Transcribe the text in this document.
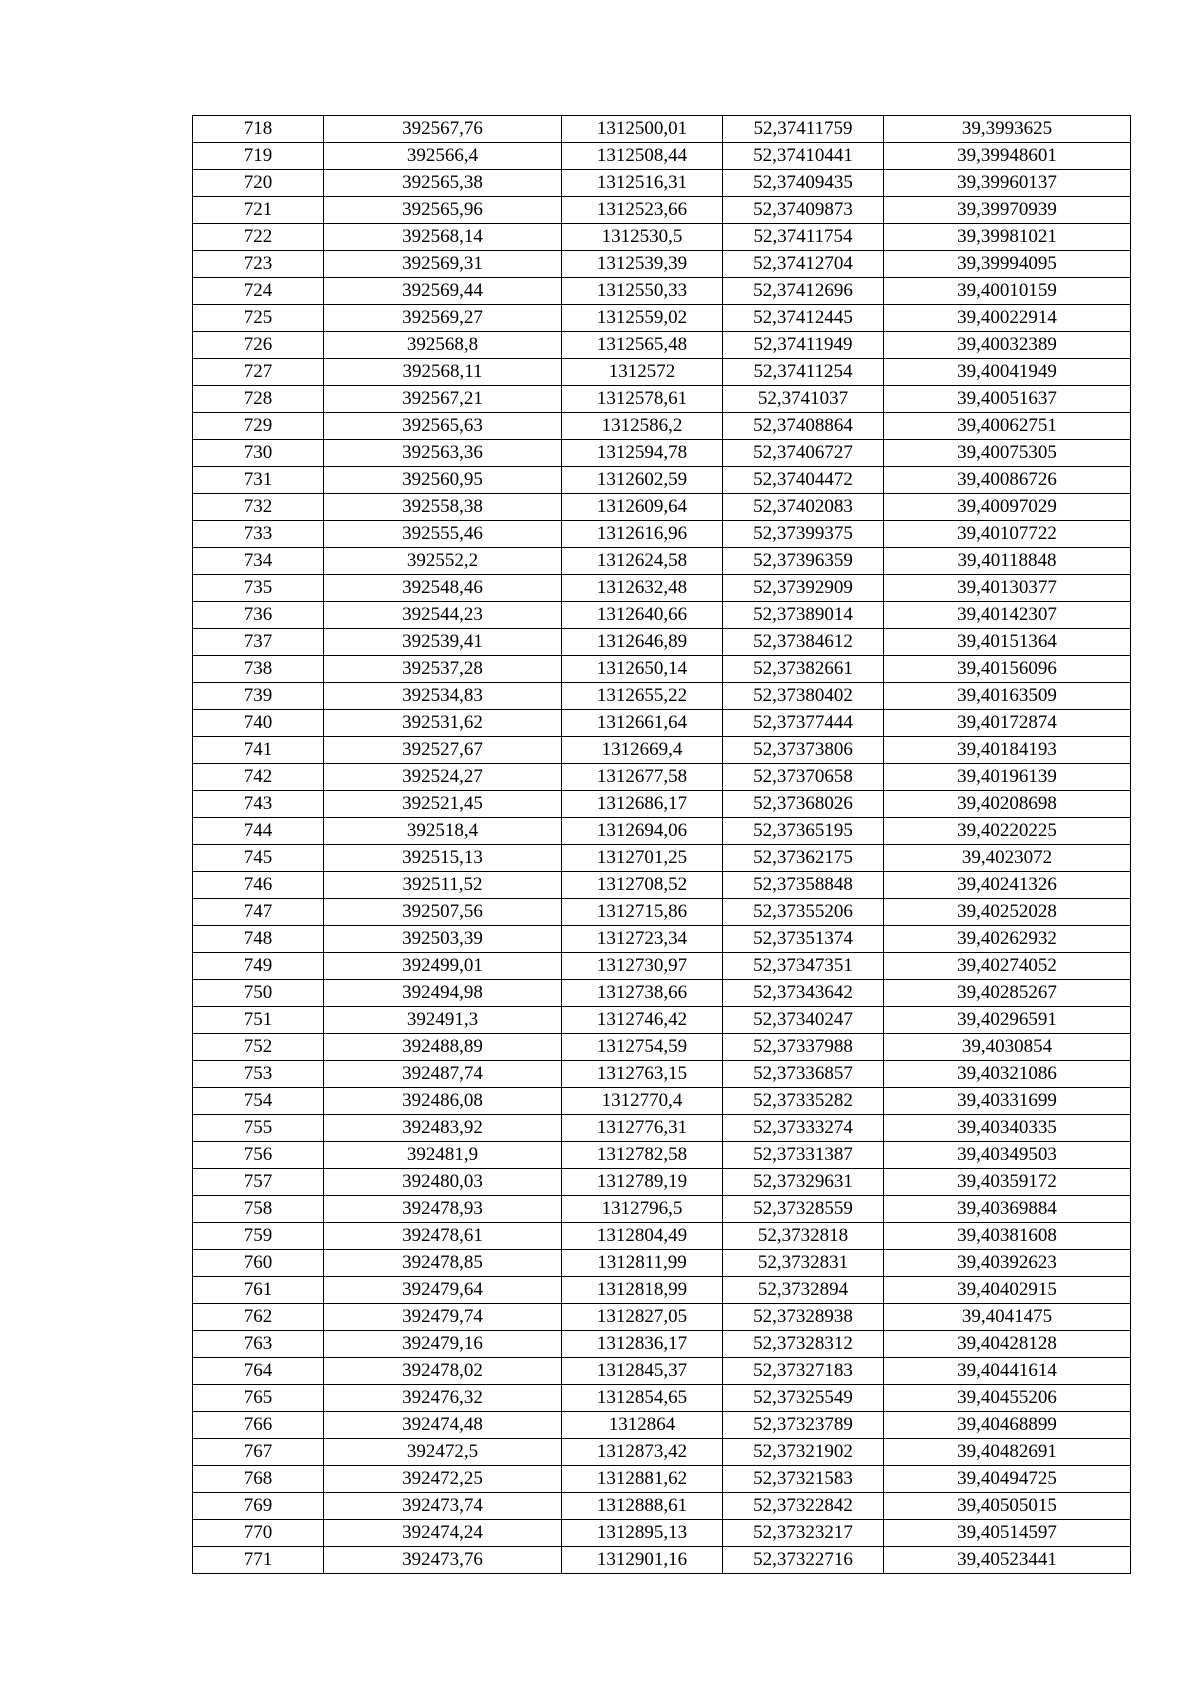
718	392567,76	1312500,01	52,37411759	39,3993625
719	392566,4	1312508,44	52,37410441	39,39948601
720	392565,38	1312516,31	52,37409435	39,39960137
721	392565,96	1312523,66	52,37409873	39,39970939
722	392568,14	1312530,5	52,37411754	39,39981021
723	392569,31	1312539,39	52,37412704	39,39994095
724	392569,44	1312550,33	52,37412696	39,40010159
725	392569,27	1312559,02	52,37412445	39,40022914
726	392568,8	1312565,48	52,37411949	39,40032389
727	392568,11	1312572	52,37411254	39,40041949
728	392567,21	1312578,61	52,3741037	39,40051637
729	392565,63	1312586,2	52,37408864	39,40062751
730	392563,36	1312594,78	52,37406727	39,40075305
731	392560,95	1312602,59	52,37404472	39,40086726
732	392558,38	1312609,64	52,37402083	39,40097029
733	392555,46	1312616,96	52,37399375	39,40107722
734	392552,2	1312624,58	52,37396359	39,40118848
735	392548,46	1312632,48	52,37392909	39,40130377
736	392544,23	1312640,66	52,37389014	39,40142307
737	392539,41	1312646,89	52,37384612	39,40151364
738	392537,28	1312650,14	52,37382661	39,40156096
739	392534,83	1312655,22	52,37380402	39,40163509
740	392531,62	1312661,64	52,37377444	39,40172874
741	392527,67	1312669,4	52,37373806	39,40184193
742	392524,27	1312677,58	52,37370658	39,40196139
743	392521,45	1312686,17	52,37368026	39,40208698
744	392518,4	1312694,06	52,37365195	39,40220225
745	392515,13	1312701,25	52,37362175	39,4023072
746	392511,52	1312708,52	52,37358848	39,40241326
747	392507,56	1312715,86	52,37355206	39,40252028
748	392503,39	1312723,34	52,37351374	39,40262932
749	392499,01	1312730,97	52,37347351	39,40274052
750	392494,98	1312738,66	52,37343642	39,40285267
751	392491,3	1312746,42	52,37340247	39,40296591
752	392488,89	1312754,59	52,37337988	39,4030854
753	392487,74	1312763,15	52,37336857	39,40321086
754	392486,08	1312770,4	52,37335282	39,40331699
755	392483,92	1312776,31	52,37333274	39,40340335
756	392481,9	1312782,58	52,37331387	39,40349503
757	392480,03	1312789,19	52,37329631	39,40359172
758	392478,93	1312796,5	52,37328559	39,40369884
759	392478,61	1312804,49	52,3732818	39,40381608
760	392478,85	1312811,99	52,3732831	39,40392623
761	392479,64	1312818,99	52,3732894	39,40402915
762	392479,74	1312827,05	52,37328938	39,4041475
763	392479,16	1312836,17	52,37328312	39,40428128
764	392478,02	1312845,37	52,37327183	39,40441614
765	392476,32	1312854,65	52,37325549	39,40455206
766	392474,48	1312864	52,37323789	39,40468899
767	392472,5	1312873,42	52,37321902	39,40482691
768	392472,25	1312881,62	52,37321583	39,40494725
769	392473,74	1312888,61	52,37322842	39,40505015
770	392474,24	1312895,13	52,37323217	39,40514597
771	392473,76	1312901,16	52,37322716	39,40523441
